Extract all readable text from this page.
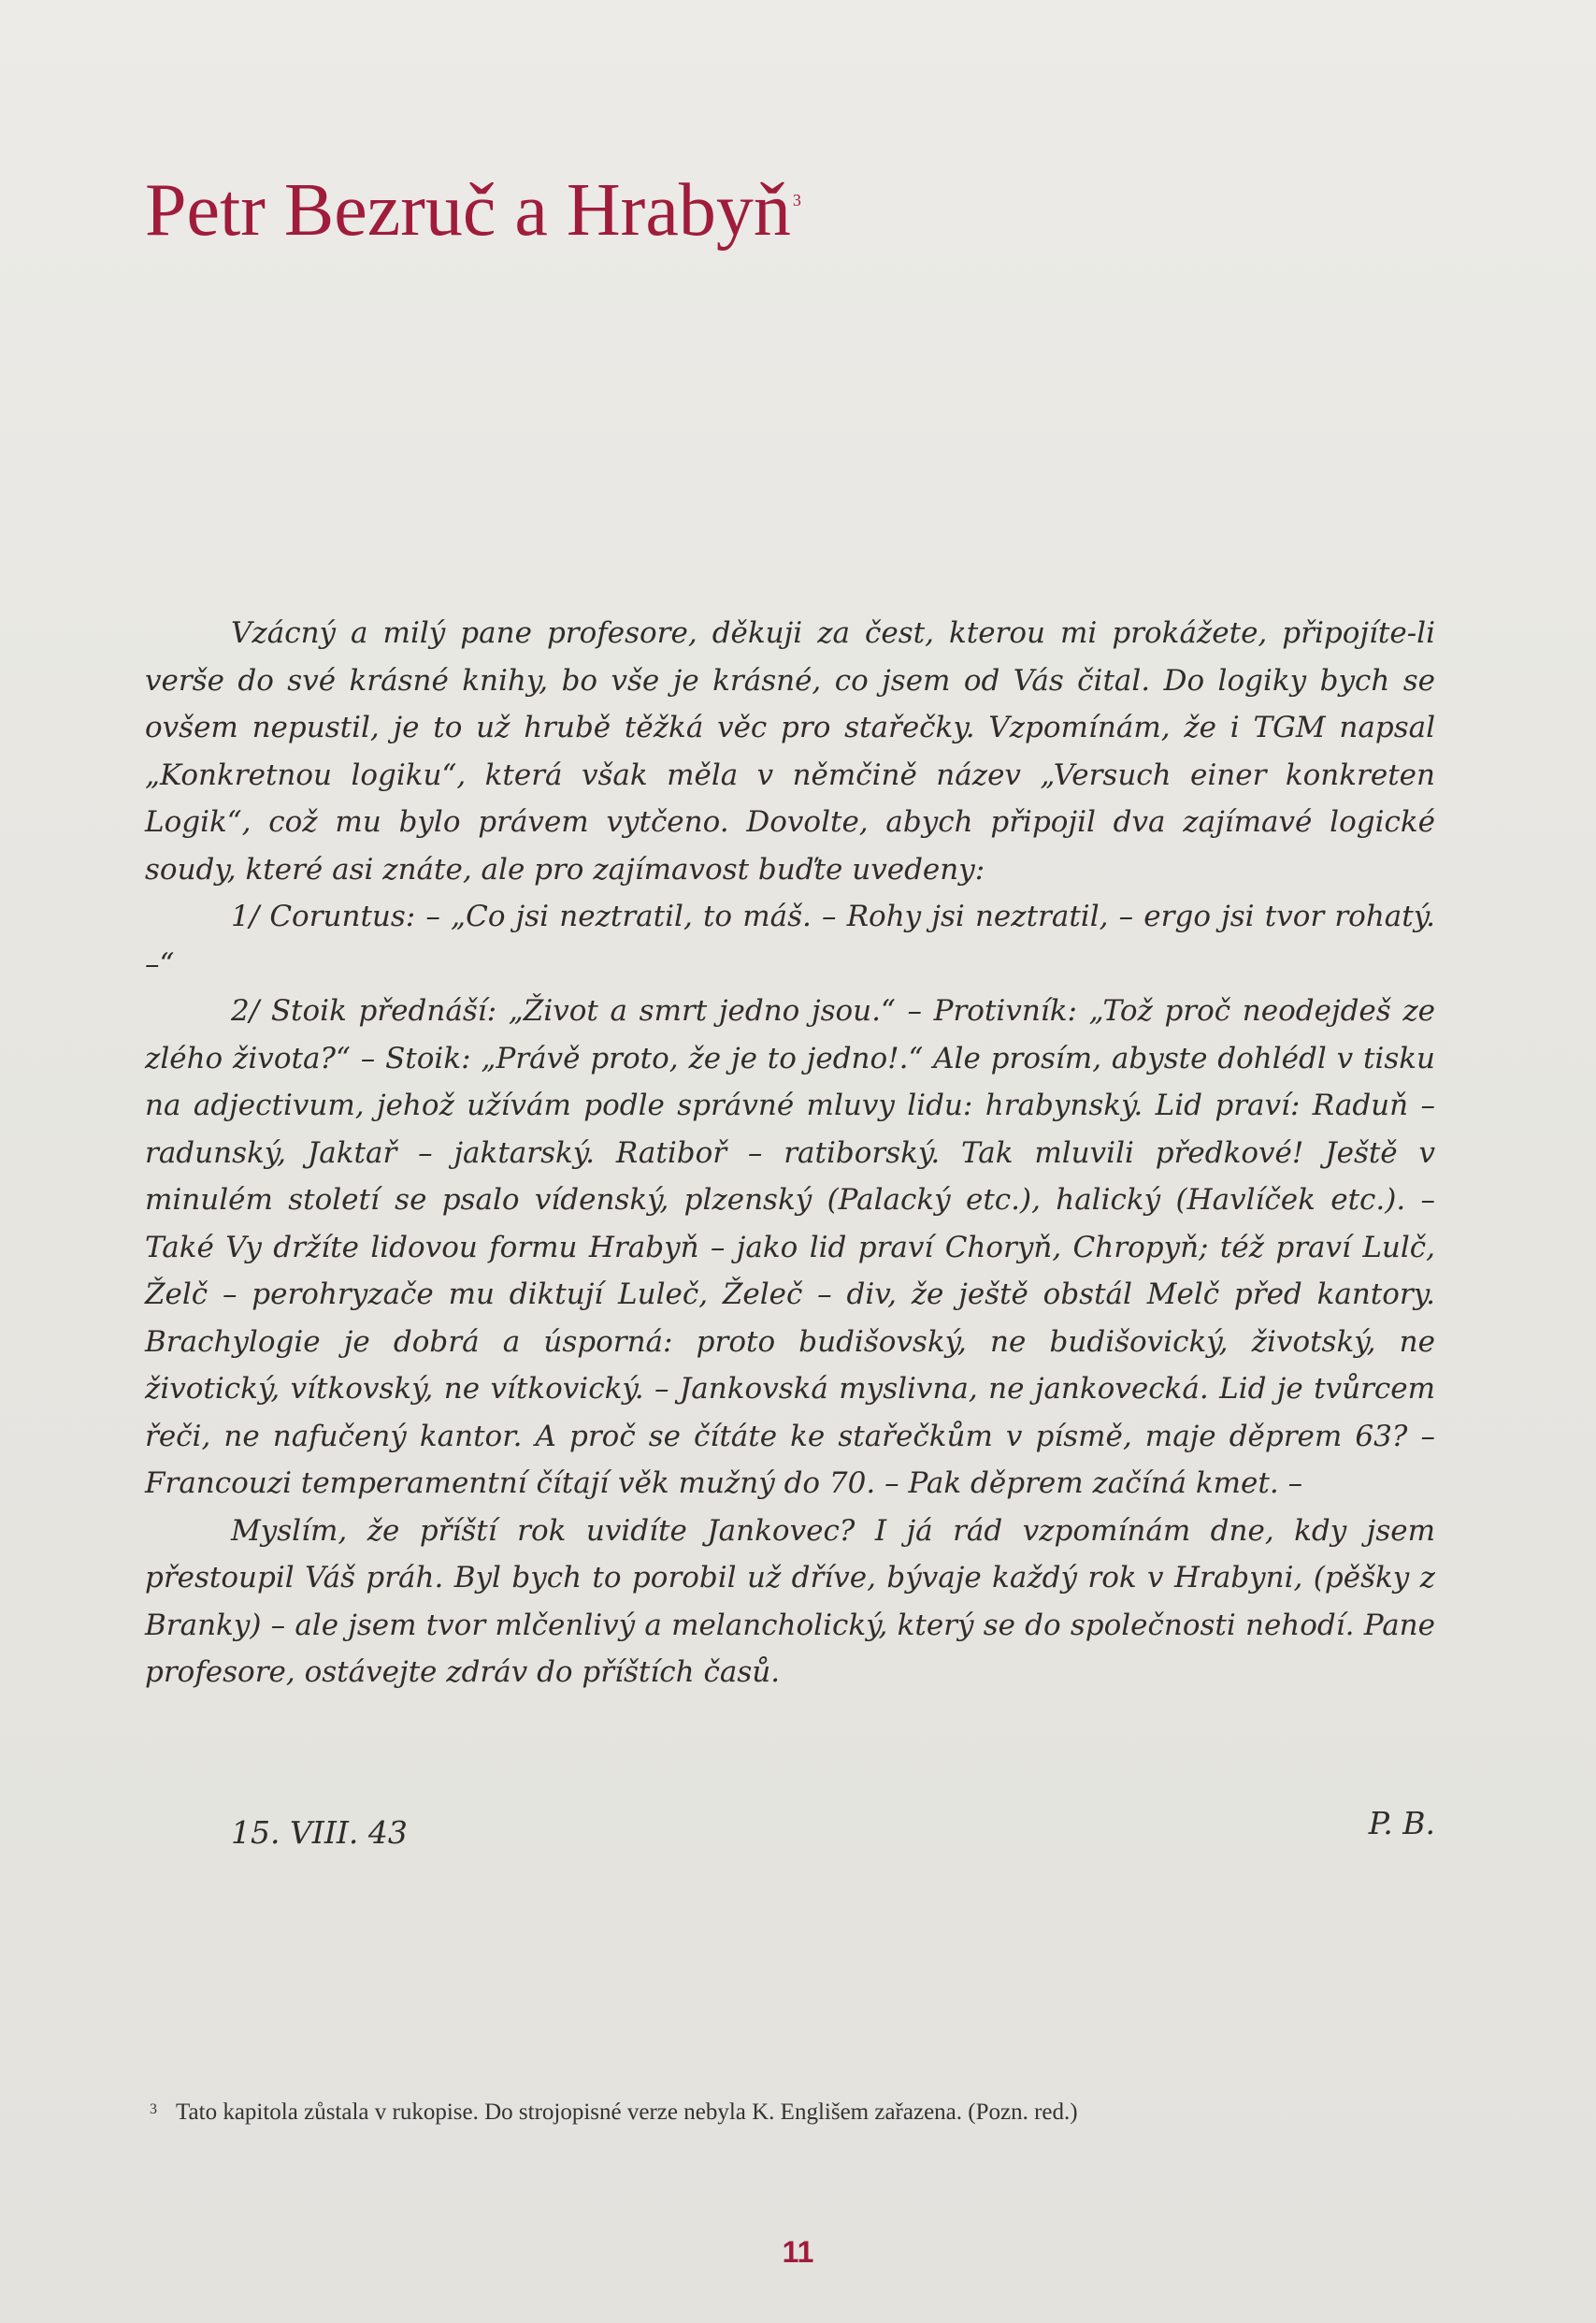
Petr Bezruč a Hrabyň $^3$

Vzácný a milý pane profesore, děkuji za čest, kterou mi prokážete, připojíte-li verše do své krásné knihy, bo vše je krásné, co jsem od Vás čital. Do logiky bych se ovšem nepustil, je to už hrubě těžká věc pro stařečky. Vzpomínám, že i TGM napsal „Konkretnou logiku“, která však měla v němčině název „Versuch einer konkreten Logik“, což mu bylo právem vytčeno. Dovolte, abych připojil dva zajímavé logické soudy, které asi znáte, ale pro zajímavost buďte uvedeny:

1/ Coruntus: – „Co jsi neztratil, to máš. – Rohy jsi neztratil, – ergo jsi tvor rohatý. –“

2/ Stoik přednáší: „Život a smrt jedno jsou.“ – Protivník: „Tož proč neodejdeš ze zlého života?“ – Stoik: „Právě proto, že je to jedno!.“ Ale prosím, abyste dohlédl v tisku na adjectivum, jehož užívám podle správné mluvy lidu: hrabynský. Lid praví: Raduň – radunský, Jaktař – jaktarský. Ratiboř – ratiborský. Tak mluvili předkové! Ještě v minulém století se psalo vídenský, plzenský (Palacký etc.), halický (Havlíček etc.). – Také Vy držíte lidovou formu Hrabyň – jako lid praví Choryň, Chropyň; též praví Lulč, Želč – perohryzače mu diktují Luleč, Želeč – div, že ještě obstál Melč před kantory. Brachylogie je dobrá a úsporná: proto budišovský, ne budišovický, životský, ne životický, vítkovský, ne vítkovický. – Jankovská myslivna, ne jankovecká. Lid je tvůrcem řeči, ne nafučený kantor. A proč se čítáte ke stařečkům v písmě, maje děprem 63? – Francouzi temperamentní čítají věk mužný do 70. – Pak děprem začíná kmet. –

Myslím, že příští rok uvidíte Jankovec? I já rád vzpomínám dne, kdy jsem přestoupil Váš práh. Byl bych to porobil už dříve, bývaje každý rok v Hrabyni, (pěšky z Branky) – ale jsem tvor mlčenlivý a melancholický, který se do společnosti nehodí. Pane profesore, ostávejte zdráv do příštích časů.

15. VIII. 43	P. B.
$^3$ Tato kapitola zůstala v rukopise. Do strojopisné verze nebyla K. Englišem zařazena. (Pozn. red.)
11
